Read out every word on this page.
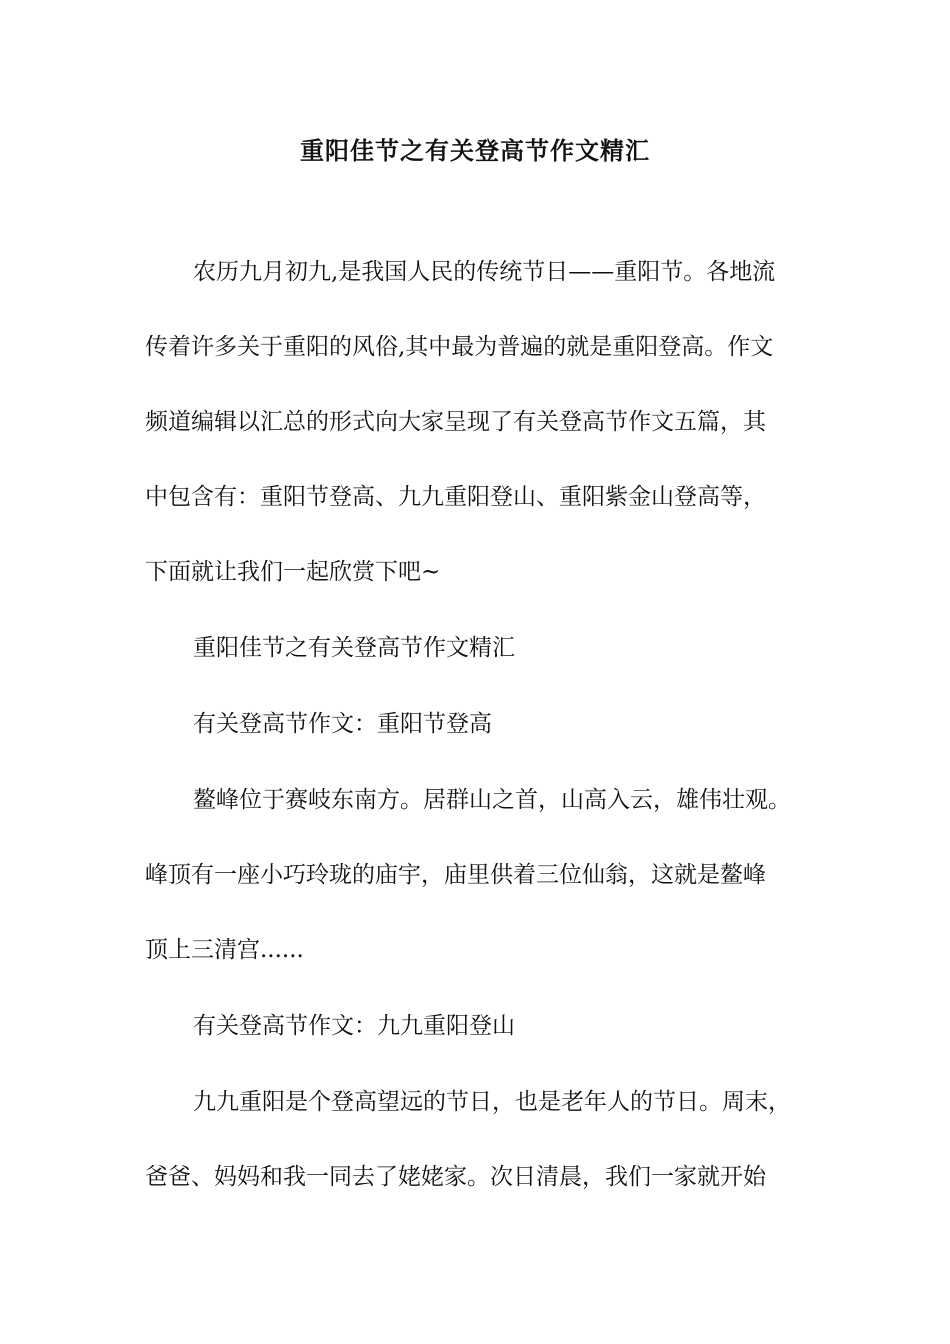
重阳佳节之有关登高节作文精汇
农历九月初九,是我国人民的传统节日——重阳节。各地流
传着许多关于重阳的风俗,其中最为普遍的就是重阳登高。作文
频道编辑以汇总的形式向大家呈现了有关登高节作文五篇，其
中包含有：重阳节登高、九九重阳登山、重阳紫金山登高等，
下面就让我们一起欣赏下吧~
重阳佳节之有关登高节作文精汇
有关登高节作文：重阳节登高
鳌峰位于赛岐东南方。居群山之首，山高入云，雄伟壮观。
峰顶有一座小巧玲珑的庙宇，庙里供着三位仙翁，这就是鳌峰
顶上三清宫......
有关登高节作文：九九重阳登山
九九重阳是个登高望远的节日，也是老年人的节日。周末，
爸爸、妈妈和我一同去了姥姥家。次日清晨，我们一家就开始
